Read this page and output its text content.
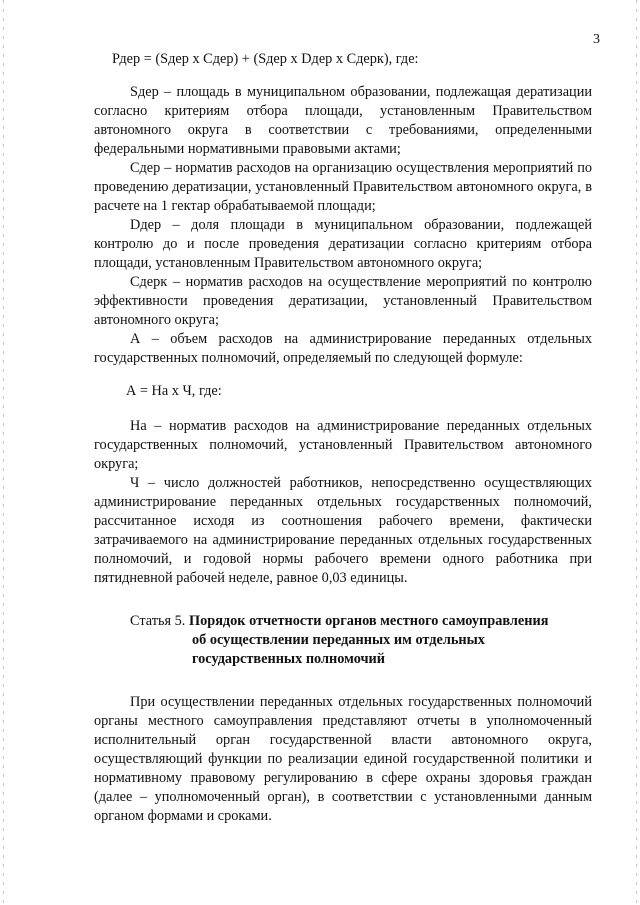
3

Рдер = (Sдер x Cдер) + (Sдер x Dдер x Cдерк), где:

Sдер – площадь в муниципальном образовании, подлежащая дератизации согласно критериям отбора площади, установленным Правительством автономного округа в соответствии с требованиями, определенными федеральными нормативными правовыми актами;

Cдер – норматив расходов на организацию осуществления мероприятий по проведению дератизации, установленный Правительством автономного округа, в расчете на 1 гектар обрабатываемой площади;

Dдер – доля площади в муниципальном образовании, подлежащей контролю до и после проведения дератизации согласно критериям отбора площади, установленным Правительством автономного округа;

Cдерк – норматив расходов на осуществление мероприятий по контролю эффективности проведения дератизации, установленный Правительством автономного округа;

А – объем расходов на администрирование переданных отдельных государственных полномочий, определяемый по следующей формуле:

А = На x Ч, где:

На – норматив расходов на администрирование переданных отдельных государственных полномочий, установленный Правительством автономного округа;

Ч – число должностей работников, непосредственно осуществляющих администрирование переданных отдельных государственных полномочий, рассчитанное исходя из соотношения рабочего времени, фактически затрачиваемого на администрирование переданных отдельных государственных полномочий, и годовой нормы рабочего времени одного работника при пятидневной рабочей неделе, равное 0,03 единицы.

Статья 5. Порядок отчетности органов местного самоуправления
об осуществлении переданных им отдельных
государственных полномочий

При осуществлении переданных отдельных государственных полномочий органы местного самоуправления представляют отчеты в уполномоченный исполнительный орган государственной власти автономного округа, осуществляющий функции по реализации единой государственной политики и нормативному правовому регулированию в сфере охраны здоровья граждан (далее – уполномоченный орган), в соответствии с установленными данным органом формами и сроками.
